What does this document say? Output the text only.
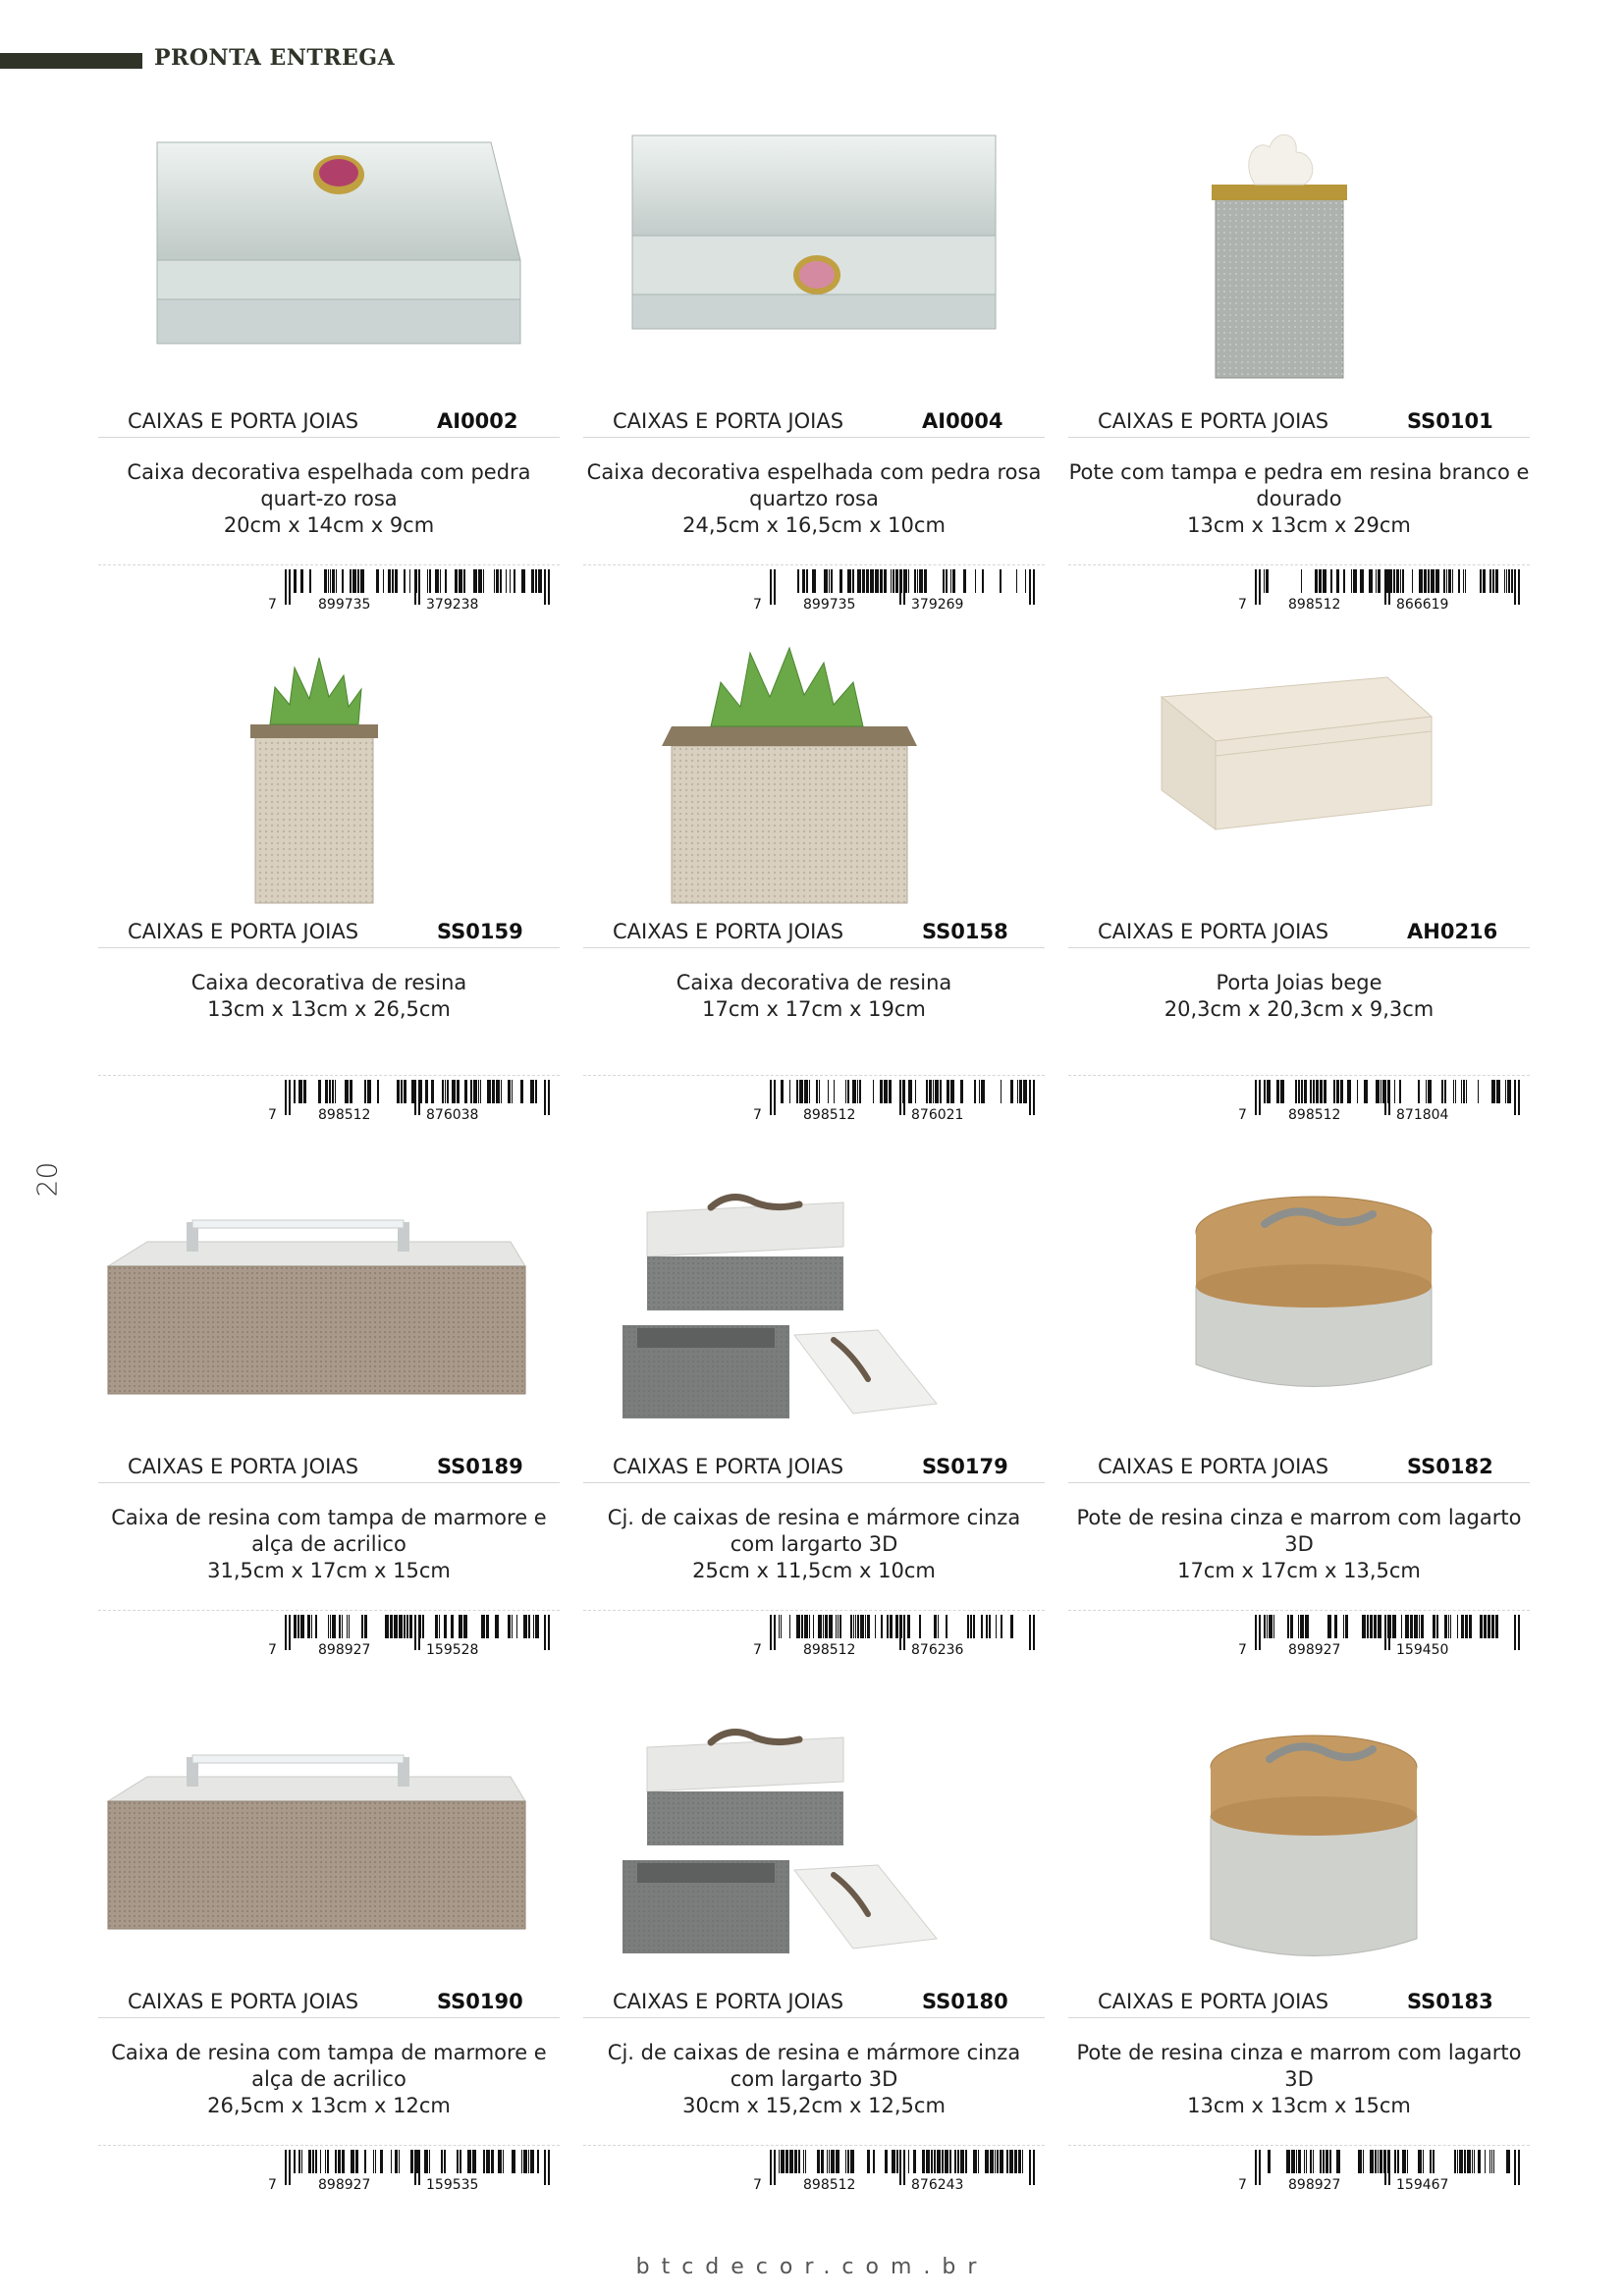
PRONTA ENTREGA
20
CAIXAS E PORTA JOIAS	AI0002
Caixa decorativa espelhada com pedra quart-zo rosa
20cm x 14cm x 9cm
7	899735	379238
CAIXAS E PORTA JOIAS	AI0004
Caixa decorativa espelhada com pedra rosa quartzo rosa
24,5cm x 16,5cm x 10cm
7	899735	379269
CAIXAS E PORTA JOIAS	SS0101
Pote com tampa e pedra em resina branco e dourado
13cm x 13cm x 29cm
7	898512	866619
CAIXAS E PORTA JOIAS	SS0159
Caixa decorativa de resina
13cm x 13cm x 26,5cm
7	898512	876038
CAIXAS E PORTA JOIAS	SS0158
Caixa decorativa de resina
17cm x 17cm x 19cm
7	898512	876021
CAIXAS E PORTA JOIAS	AH0216
Porta Joias bege
20,3cm x 20,3cm x 9,3cm
7	898512	871804
CAIXAS E PORTA JOIAS	SS0189
Caixa de resina com tampa de marmore e alça de acrilico
31,5cm x 17cm x 15cm
7	898927	159528
CAIXAS E PORTA JOIAS	SS0179
Cj. de caixas de resina e mármore cinza com largarto 3D
25cm x 11,5cm x 10cm
7	898512	876236
CAIXAS E PORTA JOIAS	SS0182
Pote de resina cinza e marrom com lagarto 3D
17cm x 17cm x 13,5cm
7	898927	159450
CAIXAS E PORTA JOIAS	SS0190
Caixa de resina com tampa de marmore e alça de acrilico
26,5cm x 13cm x 12cm
7	898927	159535
CAIXAS E PORTA JOIAS	SS0180
Cj. de caixas de resina e mármore cinza com largarto 3D
30cm x 15,2cm x 12,5cm
7	898512	876243
CAIXAS E PORTA JOIAS	SS0183
Pote de resina cinza e marrom com lagarto 3D
13cm x 13cm x 15cm
7	898927	159467
btcdecor.com.br
